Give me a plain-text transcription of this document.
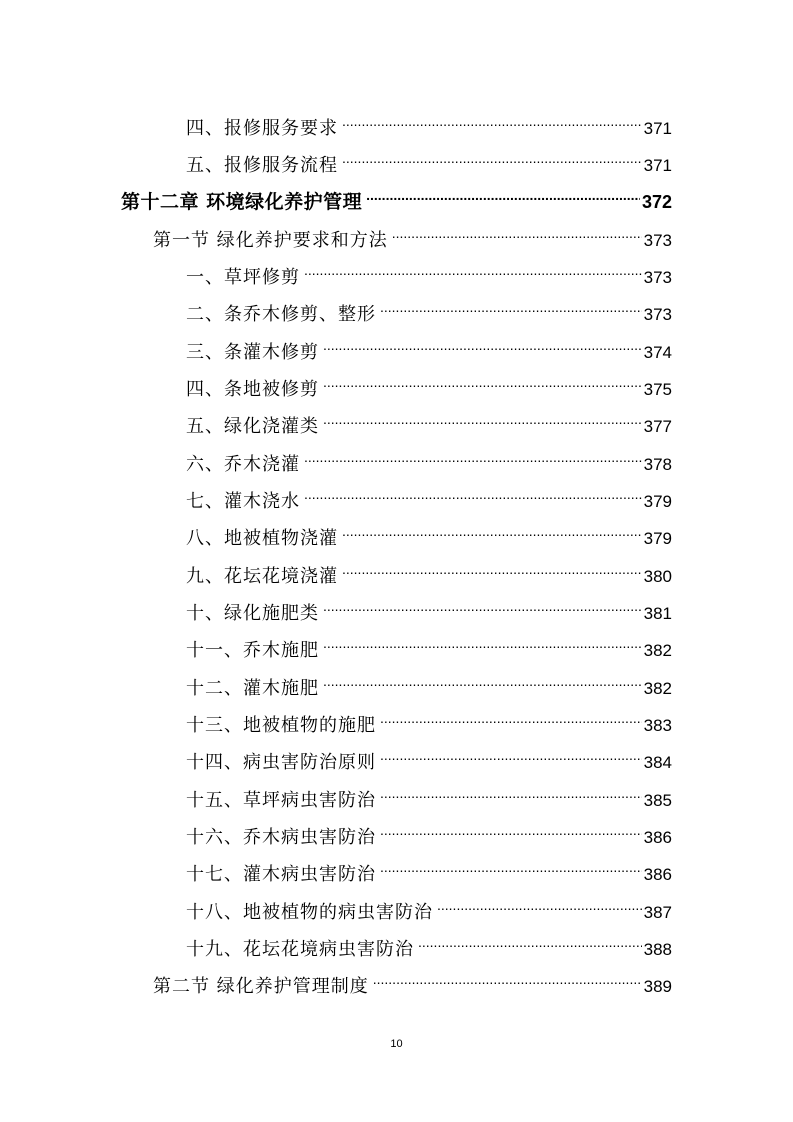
四、报修服务要求 .....	371
五、报修服务流程 .....	371
第十二章 环境绿化养护管理 .....	372
第一节 绿化养护要求和方法 .....	373
一、草坪修剪 .....	373
二、条乔木修剪、整形 .....	373
三、条灌木修剪 .....	374
四、条地被修剪 .....	375
五、绿化浇灌类 .....	377
六、乔木浇灌 .....	378
七、灌木浇水 .....	379
八、地被植物浇灌 .....	379
九、花坛花境浇灌 .....	380
十、绿化施肥类 .....	381
十一、乔木施肥 .....	382
十二、灌木施肥 .....	382
十三、地被植物的施肥 .....	383
十四、病虫害防治原则 .....	384
十五、草坪病虫害防治 .....	385
十六、乔木病虫害防治 .....	386
十七、灌木病虫害防治 .....	386
十八、地被植物的病虫害防治 .....	387
十九、花坛花境病虫害防治 .....	388
第二节 绿化养护管理制度 .....	389
10
